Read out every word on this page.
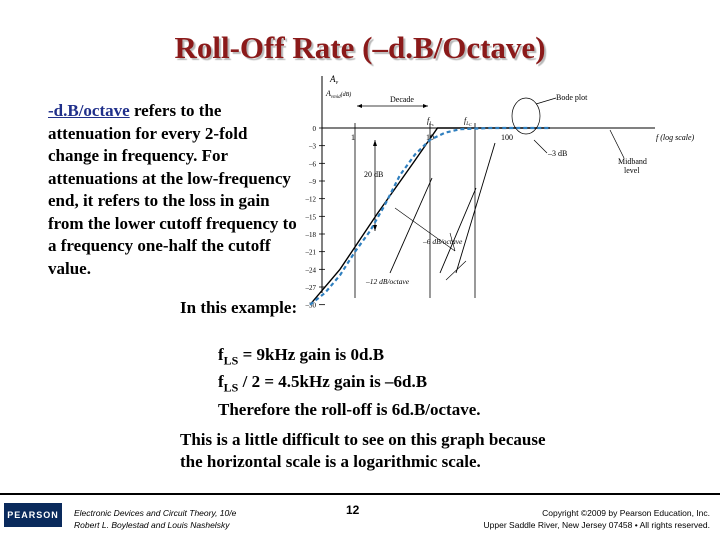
Roll-Off Rate (–d.B/Octave)
-d.B/octave refers to the attenuation for every 2-fold change in frequency. For attenuations at the low-frequency end, it refers to the loss in gain from the lower cutoff frequency to a frequency one-half the cutoff value.
In this example:
$f_{LS} = 9kHz$ gain is 0d.B
$f_{LS} / 2 = 4.5kHz$ gain is –6d.B
Therefore the roll-off is 6d.B/octave.
This is a little difficult to see on this graph because
the horizontal scale is a logarithmic scale.
$A_v$
$A_{vmid}^{(dB)}$
0
–3
–6
–9
–12
–15
–18
–21
–24
–27
–30
1	10	100
Decade
$f_Ls$	$f_LC$
20 dB
Bode plot
–3 dB
Midband
level
f (log scale)
–6 dB/octave
–12 dB/octave
PEARSON	Electronic Devices and Circuit Theory, 10/e
Robert L. Boylestad and Louis Nashelsky
12	Copyright ©2009 by Pearson Education, Inc.
Upper Saddle River, New Jersey 07458 • All rights reserved.
